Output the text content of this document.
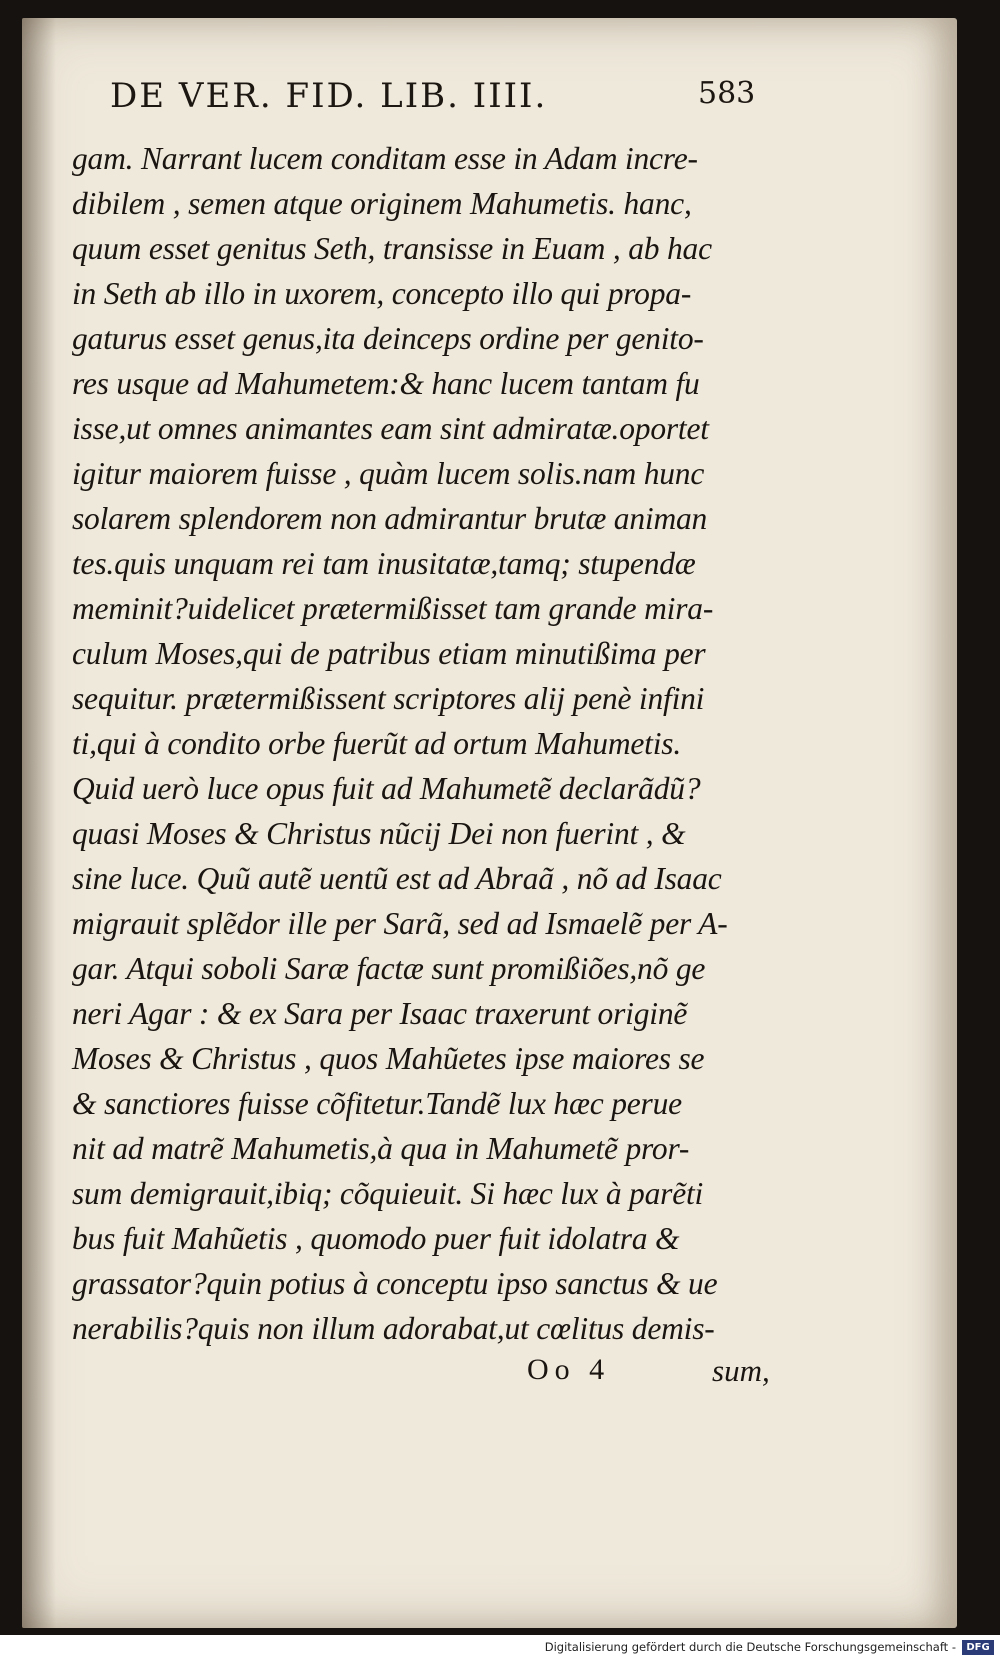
DE VER. FID. LIB. IIII.	583
gam. Narrant lucem conditam esse in Adam incre-
dibilem , semen atque originem Mahumetis. hanc,
quum esset genitus Seth, transisse in Euam , ab hac
in Seth ab illo in uxorem, concepto illo qui propa-
gaturus esset genus,ita deinceps ordine per genito-
res usque ad Mahumetem:& hanc lucem tantam fu
isse,ut omnes animantes eam sint admiratæ.oportet
igitur maiorem fuisse , quàm lucem solis.nam hunc
solarem splendorem non admirantur brutæ animan
tes.quis unquam rei tam inusitatæ,tamq; stupendæ
meminit?uidelicet prætermißisset tam grande mira-
culum Moses,qui de patribus etiam minutißima per
sequitur. prætermißissent scriptores alij penè infini
ti,qui à condito orbe fuerũt ad ortum Mahumetis.
Quid uerò luce opus fuit ad Mahumetẽ declarãdũ?
quasi Moses & Christus nũcij Dei non fuerint , &
sine luce. Quũ autẽ uentũ est ad Abraã , nõ ad Isaac
migrauit splẽdor ille per Sarã, sed ad Ismaelẽ per A-
gar. Atqui soboli Saræ factæ sunt promißiões,nõ ge
neri Agar : & ex Sara per Isaac traxerunt originẽ
Moses & Christus , quos Mahũetes ipse maiores se
& sanctiores fuisse cõfitetur.Tandẽ lux hæc perue
nit ad matrẽ Mahumetis,à qua in Mahumetẽ pror-
sum demigrauit,ibiq; cõquieuit. Si hæc lux à parẽti
bus fuit Mahũetis , quomodo puer fuit idolatra &
grassator?quin potius à conceptu ipso sanctus & ue
nerabilis?quis non illum adorabat,ut cœlitus demis-
Oo 4	sum,
Digitalisierung gefördert durch die Deutsche Forschungsgemeinschaft -	DFG
